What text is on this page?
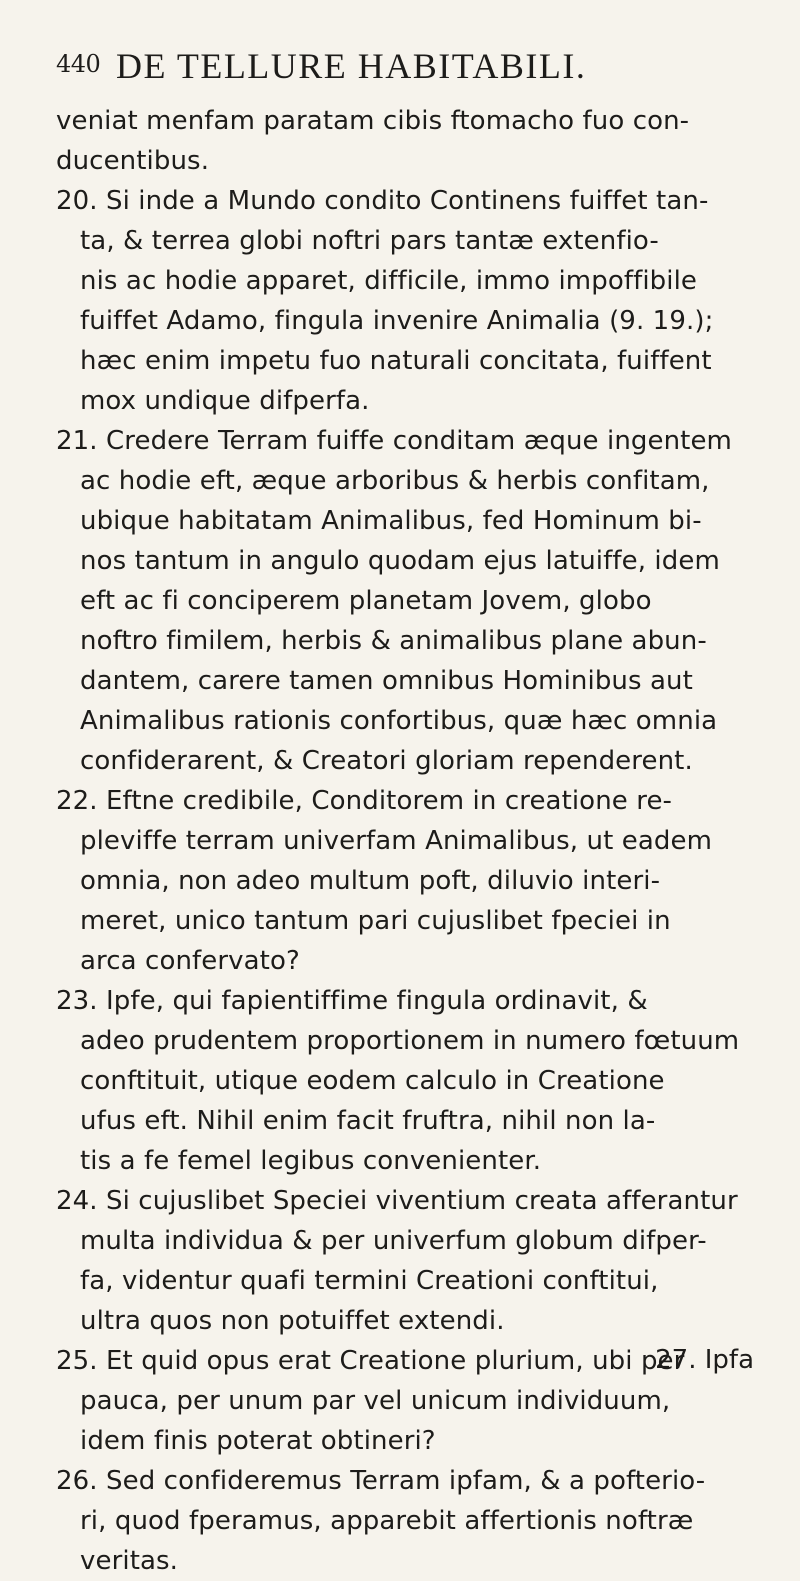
440 DE TELLURE HABITABILI.
veniat menfam paratam cibis ftomacho fuo con-
ducentibus.
20. Si inde a Mundo condito Continens fuiffet tan-
ta, & terrea globi noftri pars tantæ extenfio-
nis ac hodie apparet, difficile, immo impoffibile
fuiffet Adamo, fingula invenire Animalia (9. 19.);
hæc enim impetu fuo naturali concitata, fuiffent
mox undique difperfa.
21. Credere Terram fuiffe conditam æque ingentem
ac hodie eft, æque arboribus & herbis confitam,
ubique habitatam Animalibus, fed Hominum bi-
nos tantum in angulo quodam ejus latuiffe, idem
eft ac fi conciperem planetam Jovem, globo
noftro fimilem, herbis & animalibus plane abun-
dantem, carere tamen omnibus Hominibus aut
Animalibus rationis confortibus, quæ hæc omnia
confiderarent, & Creatori gloriam rependerent.
22. Eftne credibile, Conditorem in creatione re-
pleviffe terram univerfam Animalibus, ut eadem
omnia, non adeo multum poft, diluvio interi-
meret, unico tantum pari cujuslibet fpeciei in
arca confervato?
23. Ipfe, qui fapientiffime fingula ordinavit, &
adeo prudentem proportionem in numero fœtuum
conftituit, utique eodem calculo in Creatione
ufus eft. Nihil enim facit fruftra, nihil non la-
tis a fe femel legibus convenienter.
24. Si cujuslibet Speciei viventium creata afferantur
multa individua & per univerfum globum difper-
fa, videntur quafi termini Creationi conftitui,
ultra quos non potuiffet extendi.
25. Et quid opus erat Creatione plurium, ubi per
pauca, per unum par vel unicum individuum,
idem finis poterat obtineri?
26. Sed confideremus Terram ipfam, & a pofterio-
ri, quod fperamus, apparebit affertionis noftræ
veritas.
27. Ipfa
